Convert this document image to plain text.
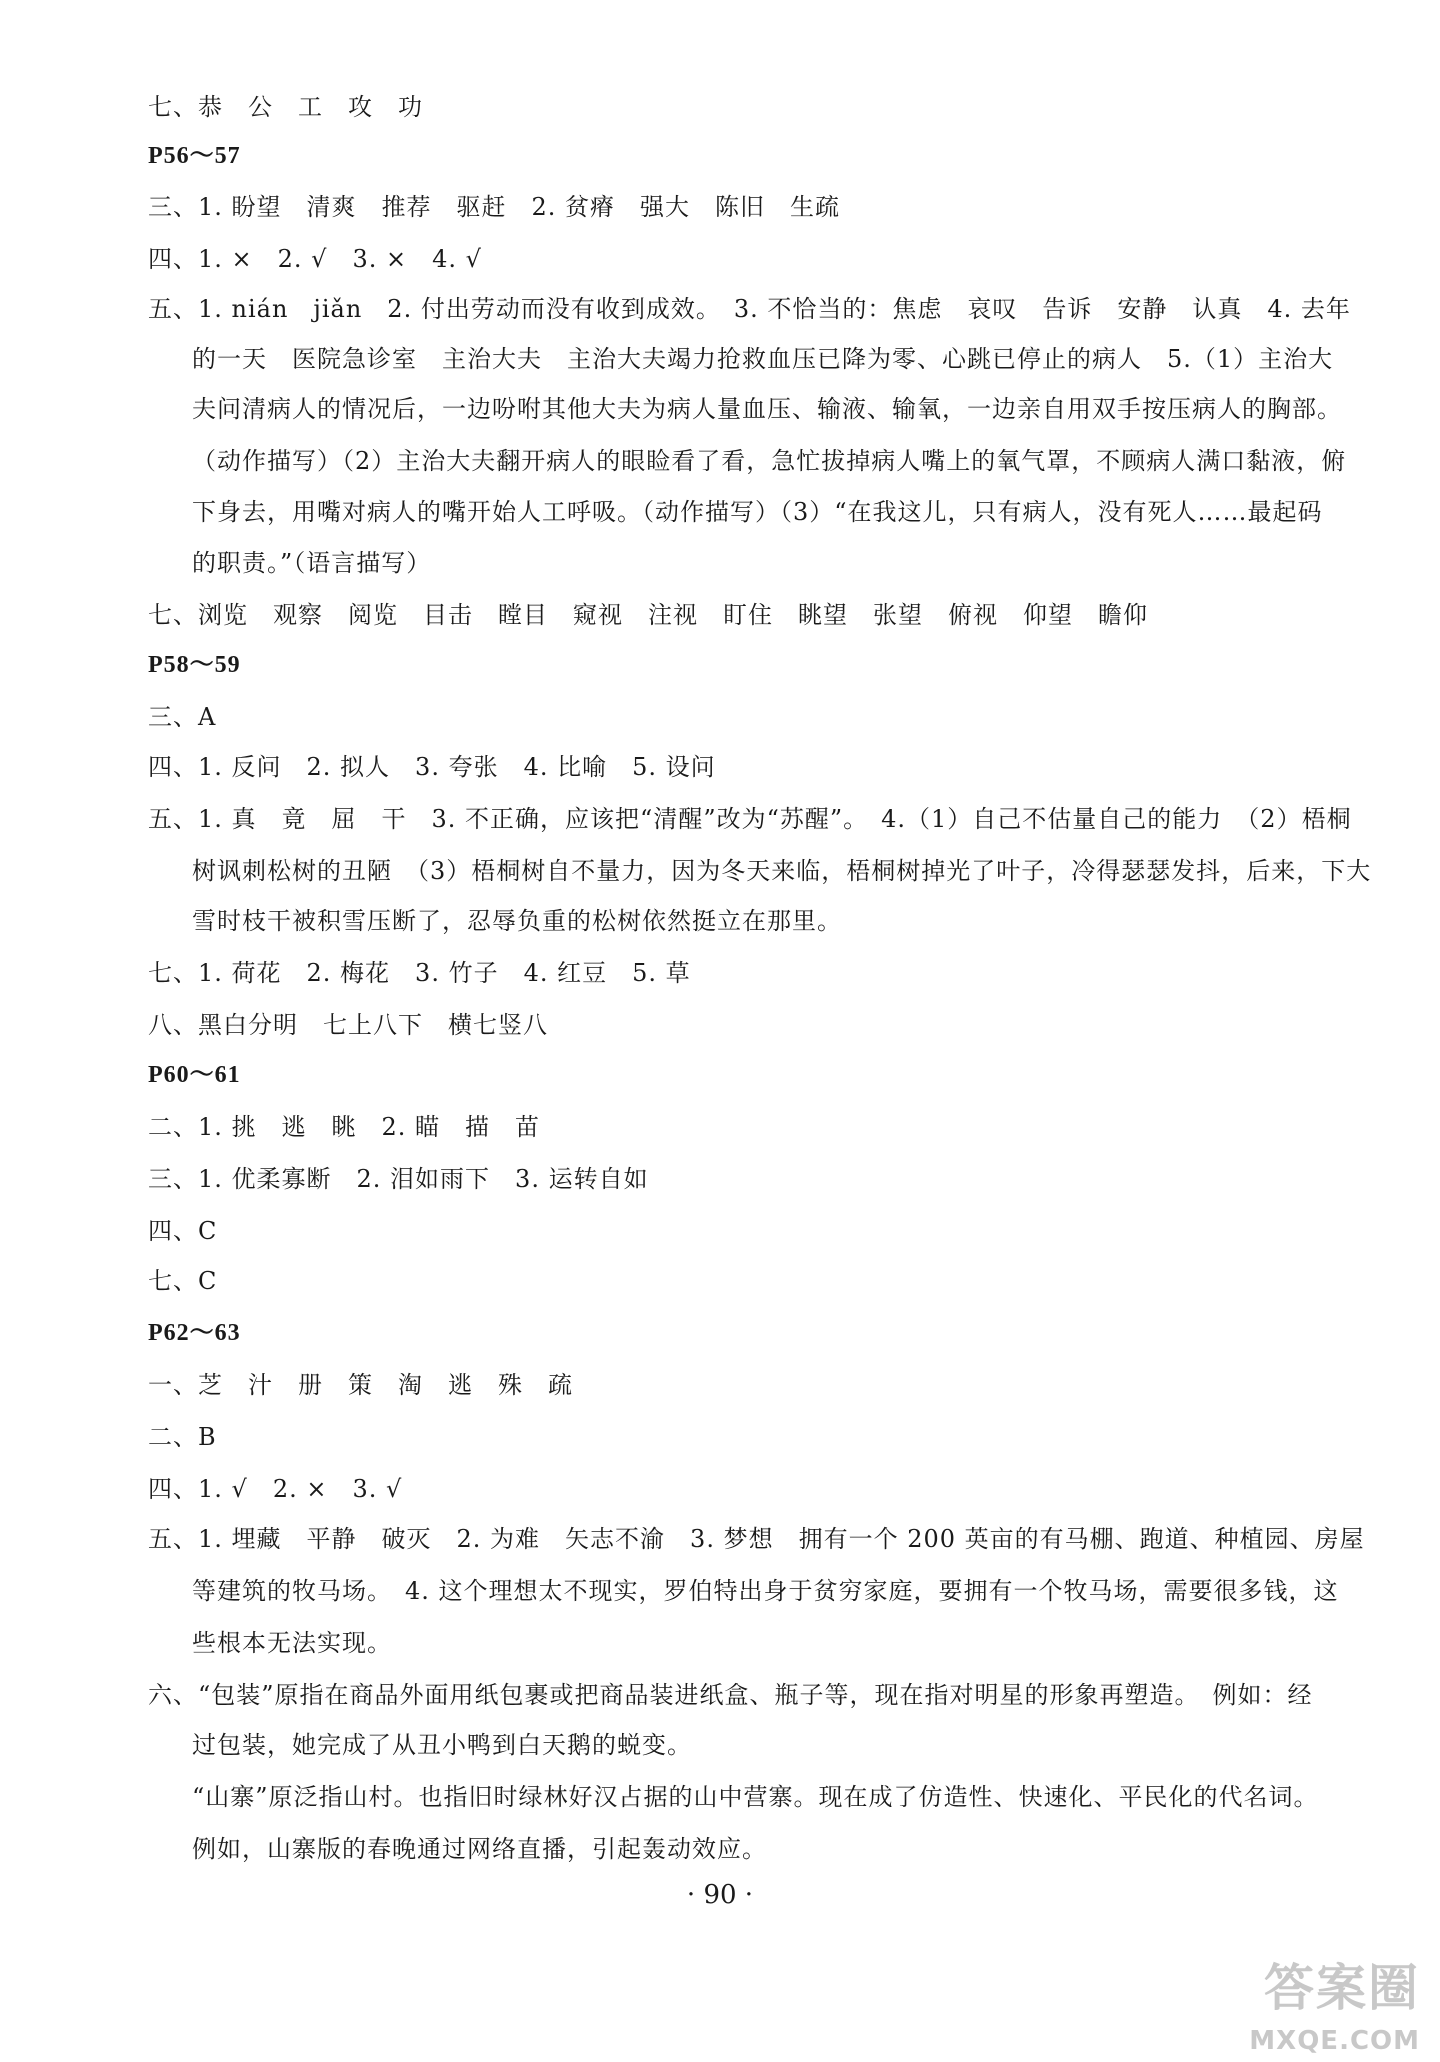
七、恭　公　工　攻　功
P56～57
三、1. 盼望　清爽　推荐　驱赶　2. 贫瘠　强大　陈旧　生疏
四、1. ×　2. √　3. ×　4. √
五、1. nián　jiǎn　2. 付出劳动而没有收到成效。　3. 不恰当的：焦虑　哀叹　告诉　安静　认真　4. 去年
的一天　医院急诊室　主治大夫　主治大夫竭力抢救血压已降为零、心跳已停止的病人　5.（1）主治大
夫问清病人的情况后，一边吩咐其他大夫为病人量血压、输液、输氧，一边亲自用双手按压病人的胸部。
（动作描写）（2）主治大夫翻开病人的眼睑看了看，急忙拔掉病人嘴上的氧气罩，不顾病人满口黏液，俯
下身去，用嘴对病人的嘴开始人工呼吸。（动作描写）（3）“在我这儿，只有病人，没有死人……最起码
的职责。”（语言描写）
七、浏览　观察　阅览　目击　瞠目　窥视　注视　盯住　眺望　张望　俯视　仰望　瞻仰
P58～59
三、A
四、1. 反问　2. 拟人　3. 夸张　4. 比喻　5. 设问
五、1. 真　竟　屈　干　3. 不正确，应该把“清醒”改为“苏醒”。　4.（1）自己不估量自己的能力　（2）梧桐
树讽刺松树的丑陋　（3）梧桐树自不量力，因为冬天来临，梧桐树掉光了叶子，冷得瑟瑟发抖，后来，下大
雪时枝干被积雪压断了，忍辱负重的松树依然挺立在那里。
七、1. 荷花　2. 梅花　3. 竹子　4. 红豆　5. 草
八、黑白分明　七上八下　横七竖八
P60～61
二、1. 挑　逃　眺　2. 瞄　描　苗
三、1. 优柔寡断　2. 泪如雨下　3. 运转自如
四、C
七、C
P62～63
一、芝　汁　册　策　淘　逃　殊　疏
二、B
四、1. √　2. ×　3. √
五、1. 埋藏　平静　破灭　2. 为难　矢志不渝　3. 梦想　拥有一个 200 英亩的有马棚、跑道、种植园、房屋
等建筑的牧马场。　4. 这个理想太不现实，罗伯特出身于贫穷家庭，要拥有一个牧马场，需要很多钱，这
些根本无法实现。
六、“包装”原指在商品外面用纸包裹或把商品装进纸盒、瓶子等，现在指对明星的形象再塑造。　例如：经
过包装，她完成了从丑小鸭到白天鹅的蜕变。
“山寨”原泛指山村。也指旧时绿林好汉占据的山中营寨。现在成了仿造性、快速化、平民化的代名词。
例如，山寨版的春晚通过网络直播，引起轰动效应。
· 90 ·
答案圈
MXQE.COM
